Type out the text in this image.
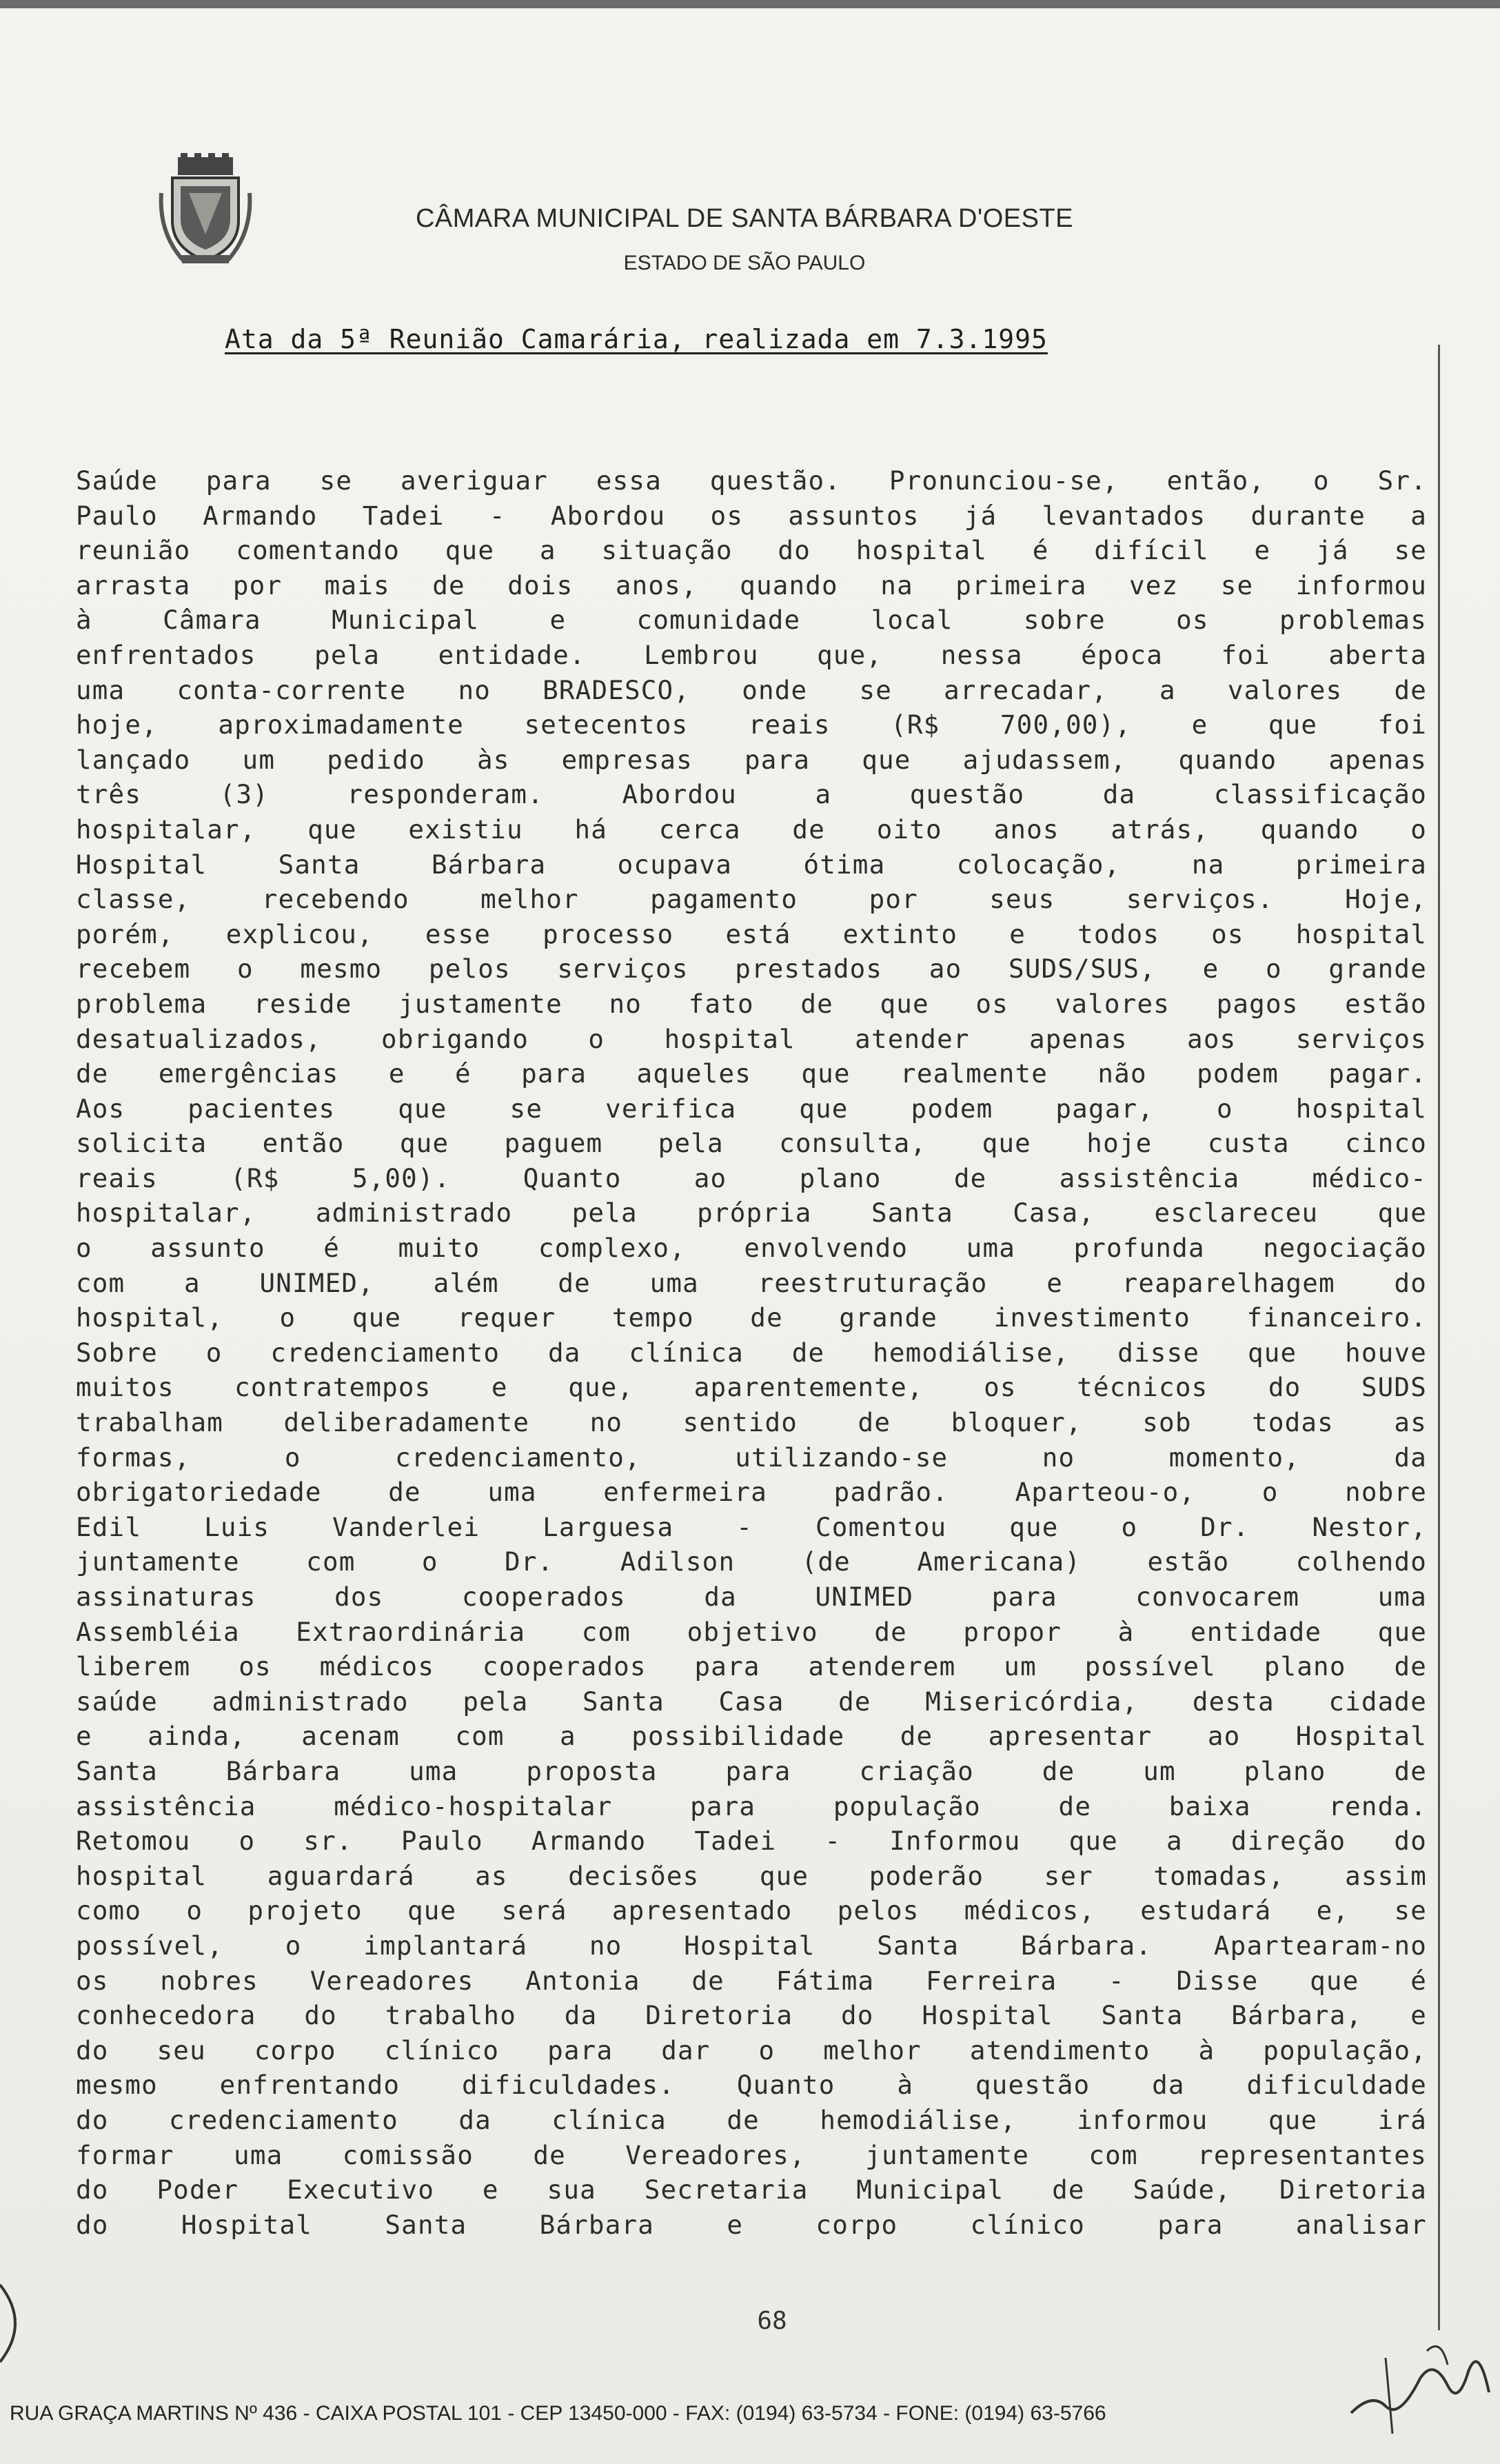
CÂMARA MUNICIPAL DE SANTA BÁRBARA D'OESTE
ESTADO DE SÃO PAULO
Ata da 5ª Reunião Camarária, realizada em 7.3.1995
Saúde para se averiguar essa questão. Pronunciou-se, então, o Sr.
Paulo Armando Tadei - Abordou os assuntos já levantados durante a
reunião comentando que a situação do hospital é difícil e já se
arrasta por mais de dois anos, quando na primeira vez se informou
à Câmara Municipal e comunidade local sobre os problemas
enfrentados pela entidade. Lembrou que, nessa época foi aberta
uma conta-corrente no BRADESCO, onde se arrecadar, a valores de
hoje, aproximadamente setecentos reais (R$ 700,00), e que foi
lançado um pedido às empresas para que ajudassem, quando apenas
três (3) responderam. Abordou a questão da classificação
hospitalar, que existiu há cerca de oito anos atrás, quando o
Hospital Santa Bárbara ocupava ótima colocação, na primeira
classe, recebendo melhor pagamento por seus serviços. Hoje,
porém, explicou, esse processo está extinto e todos os hospital
recebem o mesmo pelos serviços prestados ao SUDS/SUS, e o grande
problema reside justamente no fato de que os valores pagos estão
desatualizados, obrigando o hospital atender apenas aos serviços
de emergências e é para aqueles que realmente não podem pagar.
Aos pacientes que se verifica que podem pagar, o hospital
solicita então que paguem pela consulta, que hoje custa cinco
reais (R$ 5,00). Quanto ao plano de assistência médico-
hospitalar, administrado pela própria Santa Casa, esclareceu que
o assunto é muito complexo, envolvendo uma profunda negociação
com a UNIMED, além de uma reestruturação e reaparelhagem do
hospital, o que requer tempo de grande investimento financeiro.
Sobre o credenciamento da clínica de hemodiálise, disse que houve
muitos contratempos e que, aparentemente, os técnicos do SUDS
trabalham deliberadamente no sentido de bloquer, sob todas as
formas, o credenciamento, utilizando-se no momento, da
obrigatoriedade de uma enfermeira padrão. Aparteou-o, o nobre
Edil Luis Vanderlei Larguesa - Comentou que o Dr. Nestor,
juntamente com o Dr. Adilson (de Americana) estão colhendo
assinaturas dos cooperados da UNIMED para convocarem uma
Assembléia Extraordinária com objetivo de propor à entidade que
liberem os médicos cooperados para atenderem um possível plano de
saúde administrado pela Santa Casa de Misericórdia, desta cidade
e ainda, acenam com a possibilidade de apresentar ao Hospital
Santa Bárbara uma proposta para criação de um plano de
assistência médico-hospitalar para população de baixa renda.
Retomou o sr. Paulo Armando Tadei - Informou que a direção do
hospital aguardará as decisões que poderão ser tomadas, assim
como o projeto que será apresentado pelos médicos, estudará e, se
possível, o implantará no Hospital Santa Bárbara. Apartearam-no
os nobres Vereadores Antonia de Fátima Ferreira - Disse que é
conhecedora do trabalho da Diretoria do Hospital Santa Bárbara, e
do seu corpo clínico para dar o melhor atendimento à população,
mesmo enfrentando dificuldades. Quanto à questão da dificuldade
do credenciamento da clínica de hemodiálise, informou que irá
formar uma comissão de Vereadores, juntamente com representantes
do Poder Executivo e sua Secretaria Municipal de Saúde, Diretoria
do Hospital Santa Bárbara e corpo clínico para analisar
68
RUA GRAÇA MARTINS Nº 436 - CAIXA POSTAL 101 - CEP 13450-000 - FAX: (0194) 63-5734 - FONE: (0194) 63-5766
